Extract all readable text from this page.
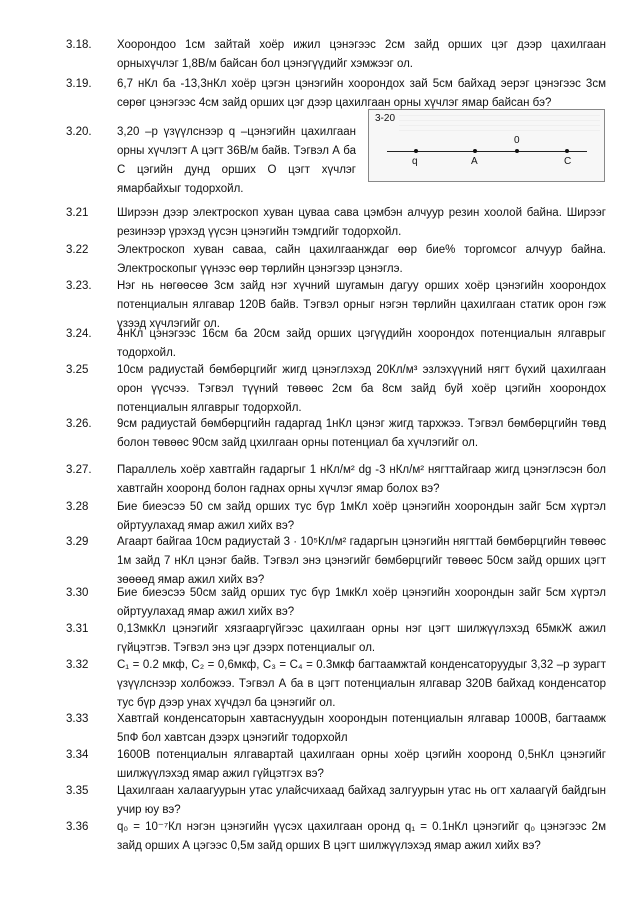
3.18.	Хоорондоо 1см зайтай хоёр ижил цэнэгээс 2см зайд орших цэг дээр цахилгаан орныхүчлэг 1,8В/м байсан бол цэнэгүүдийг хэмжээг ол.
3.19.	6,7 нКл ба -13,3нКл хоёр цэгэн цэнэгийн хоорондох зай 5см байхад эерэг цэнэгээс 3см сөрөг цэнэгээс 4см зайд орших цэг дээр цахилгаан орны хүчлэг ямар байсан бэ?
3.20.	3,20 –р үзүүлснээр q –цэнэгийн цахилгаан орны хүчлэгт А цэгт 36В/м байв. Тэгвэл А ба С цэгийн дунд орших О цэгт хүчлэг ямарбайхыг тодорхойл.
3-20
q	A
0
C
3.21	Ширээн дээр электроскоп хуван цуваа сава цэмбэн алчуур резин хоолой байна. Ширээг резинээр үрэхэд үүсэн цэнэгийн тэмдгийг тодорхойл.
3.22	Электроскоп хуван саваа, сайн цахилгаанждаг өөр бие% торгомсог алчуур байна. Электроскопыг үүнээс өөр төрлийн цэнэгээр цэнэглэ.
3.23.	Нэг нь нөгөөсөө 3см зайд нэг хүчний шугамын дагуу орших хоёр цэнэгийн хоорондох потенциалын ялгавар 120В байв. Тэгвэл орныг нэгэн төрлийн цахилгаан статик орон гэж үзээд хүчлэгийг ол.
3.24.	4нКл цэнэгээс 16см ба 20см зайд орших цэгүүдийн хоорондох потенциалын ялгаврыг тодорхойл.
3.25	10см радиустай бөмбөрцгийг жигд цэнэглэхэд 20Кл/м³ эзлэхүүний нягт бүхий цахилгаан орон үүсчээ. Тэгвэл түүний төвөөс 2см ба 8см зайд буй хоёр цэгийн хоорондох потенциалын ялгаврыг тодорхойл.
3.26.	9см радиустай бөмбөрцгийн гадаргад 1нКл цэнэг жигд тархжээ. Тэгвэл бөмбөрцгийн төвд болон төвөөс 90см зайд цхилгаан орны потенциал ба хүчлэгийг ол.
3.27.	Параллель хоёр хавтгайн гадаргыг 1 нКл/м² dg -3 нКл/м² нягттайгаар жигд цэнэглэсэн бол хавтгайн хооронд болон гаднах орны хүчлэг ямар болох вэ?
3.28	Бие биеэсээ 50 см зайд орших тус бүр 1мКл хоёр цэнэгийн хоорондын зайг 5см хүртэл ойртуулахад ямар ажил хийх вэ?
3.29	Агаарт байгаа 10см радиустай 3 · 10⁵Кл/м² гадаргын цэнэгийн нягттай бөмбөрцгийн төвөөс 1м зайд 7 нКл цэнэг байв. Тэгвэл энэ цэнэгийг бөмбөрцгийг төвөөс 50см зайд орших цэгт зөөөөд ямар ажил хийх вэ?
3.30	Бие биеэсээ 50см зайд орших тус бүр 1мкКл хоёр цэнэгийн хоорондын зайг 5см хүртэл ойртуулахад ямар ажил хийх вэ?
3.31	0,13мкКл цэнэгийг хязгааргүйгээс цахилгаан орны нэг цэгт шилжүүлэхэд 65мкЖ ажил гүйцэтгэв. Тэгвэл энэ цэг дээрх потенциалыг ол.
3.32	C₁ = 0.2 мкф, C₂ = 0,6мкф, C₃ = C₄ = 0.3мкф багтаамжтай конденсаторуудыг 3,32 –р зурагт үзүүлснээр холбожээ. Тэгвэл А ба в цэгт потенциалын ялгавар 320В байхад конденсатор тус бүр дээр унах хүчдэл ба цэнэгийг ол.
3.33	Хавтгай конденсаторын хавтаснуудын хоорондын потенциалын ялгавар 1000В, багтаамж 5пФ бол хавтсан дээрх цэнэгийг тодорхойл
3.34	1600В потенциалын ялгавартай цахилгаан орны хоёр цэгийн хооронд 0,5нКл цэнэгийг шилжүүлэхэд ямар ажил гүйцэтгэх вэ?
3.35	Цахилгаан халаагуурын утас улайсчихаад байхад залгуурын утас нь огт халаагүй байдгын учир юу вэ?
3.36	q₀ = 10⁻⁷Кл нэгэн цэнэгийн үүсэх цахилгаан оронд q₁ = 0.1нКл цэнэгийг q₀ цэнэгээс 2м зайд орших А цэгээс 0,5м зайд орших В цэгт шилжүүлэхэд ямар ажил хийх вэ?
